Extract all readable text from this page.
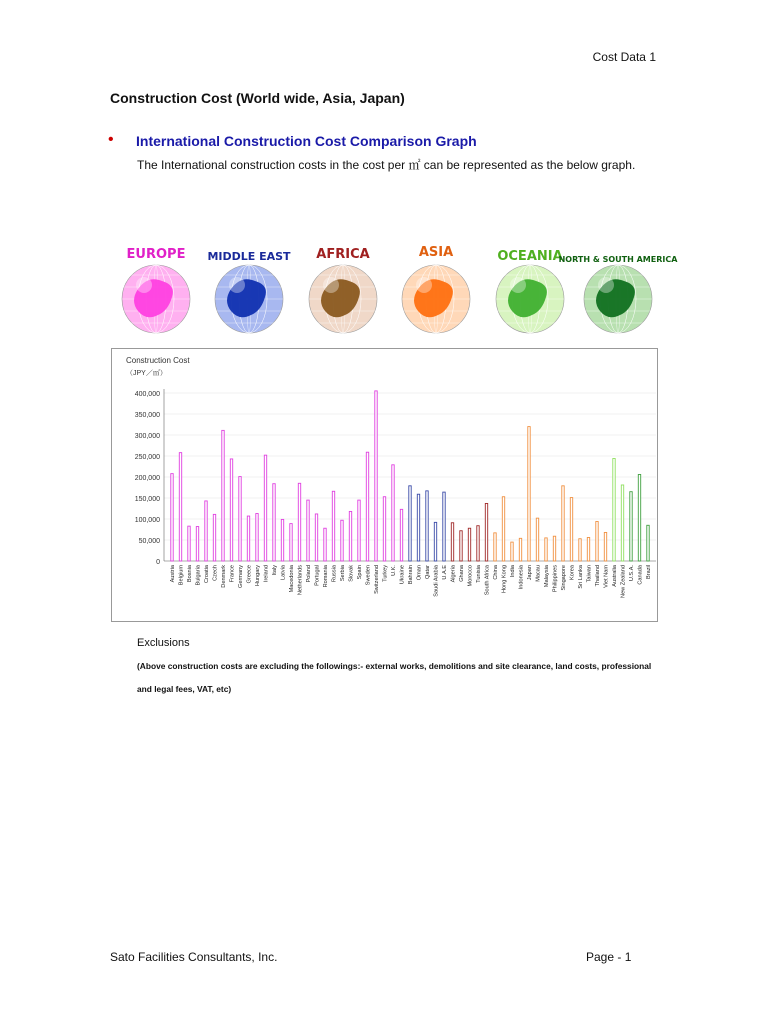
Cost Data 1
Construction Cost (World wide, Asia, Japan)
• International Construction Cost Comparison Graph
The International construction costs in the cost per ㎡ can be represented as the below graph.
EUROPE MIDDLE EAST AFRICA	ASIA	OCEANIA
NORTH & SOUTH AMERICA
Construction Cost
（JPY／㎡）
0
50,000
100,000
150,000
200,000
250,000
300,000
350,000
400,000
Austria Belgium Bosnia Bulgaria Croatia Czech Denmark France Germany Greece Hungary Ireland Italy Latvia Macedonia Netherlands Poland Portugal Romania Russia Serbia Slovak Spain Sweden Switzerland Turkey U.K. Ukraine Bahrain Oman Qatar Saudi Arabia U.A.E Algeria Ghana Morocco Tunisia South Africa China Hong Kong India Indonesia Japan Macau Malaysia Philippines Singapore Korea Sri Lanka Taiwan Thailand Viet Nam Australia New Zealand U.S.A. Canada Brazil
Exclusions
(Above construction costs are excluding the followings:- external works, demolitions and site clearance, land costs, professional and legal fees, VAT, etc)
Sato Facilities Consultants, Inc.	Page - 1
